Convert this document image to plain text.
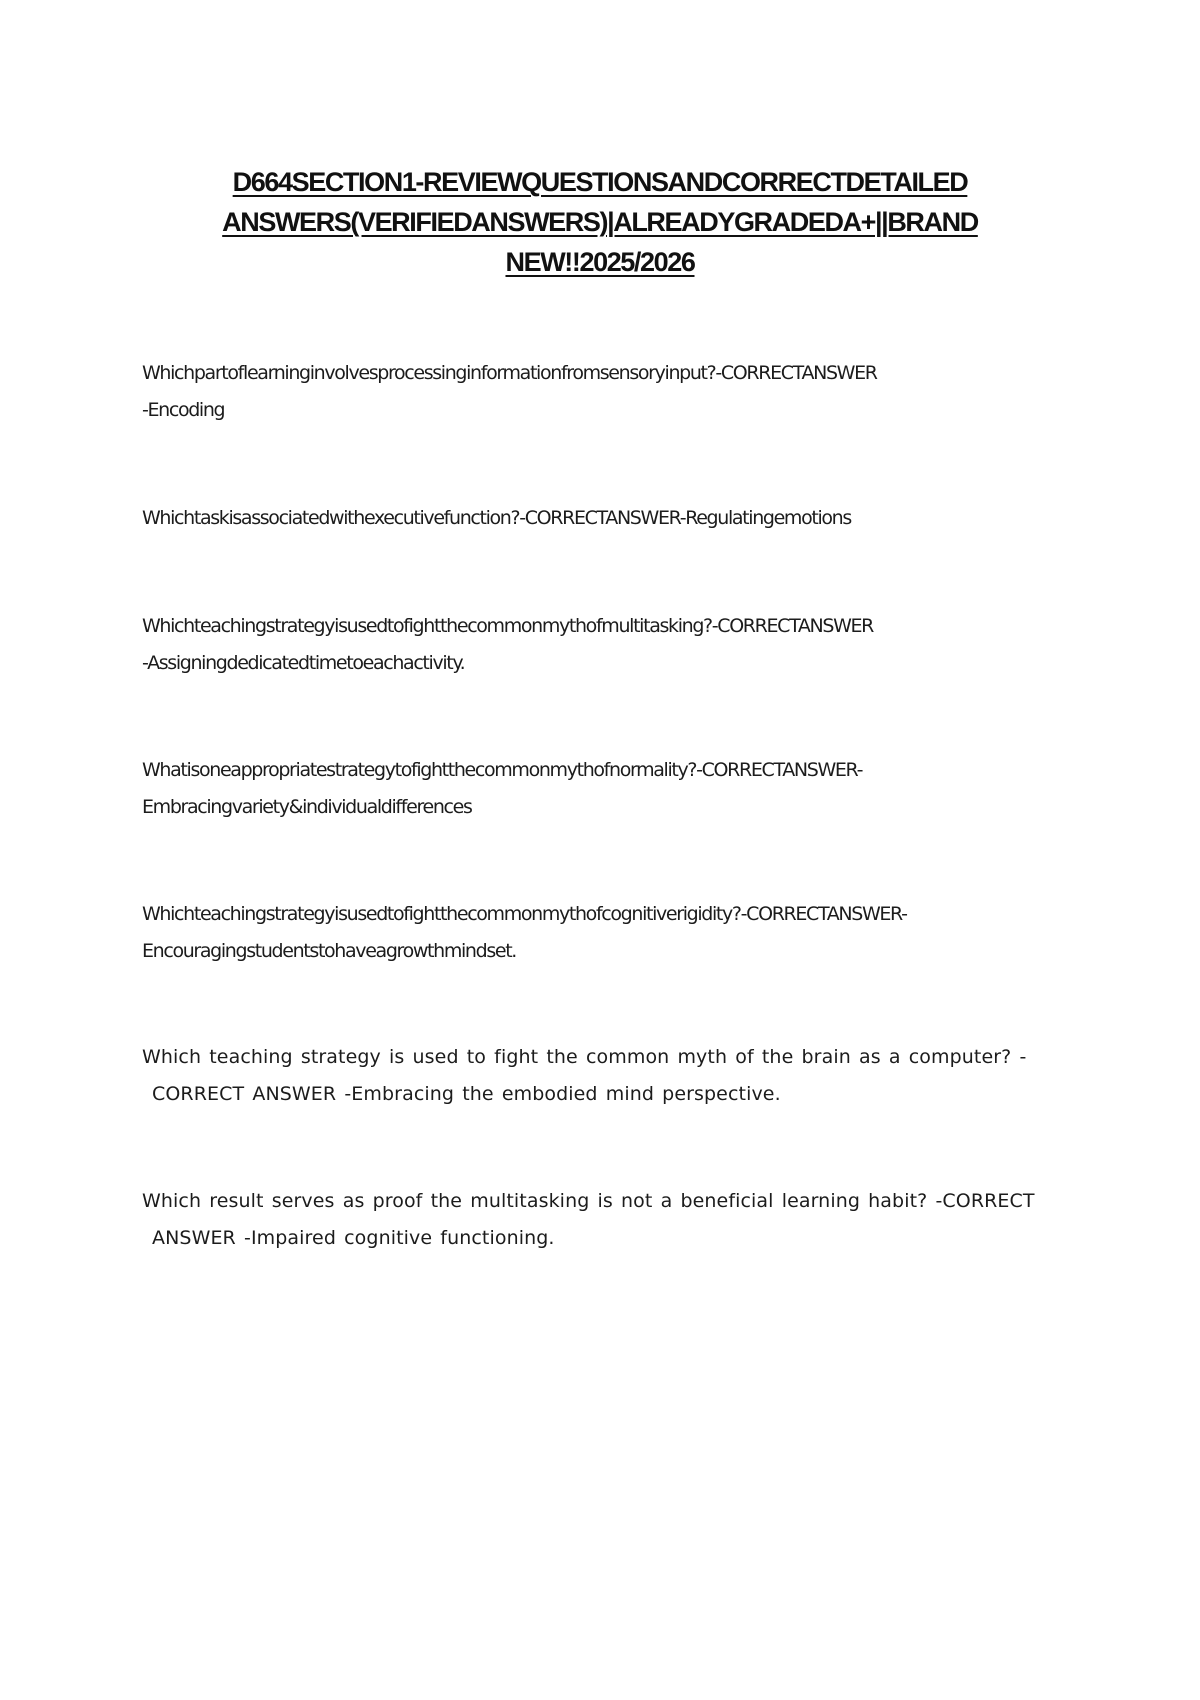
D664SECTION1-REVIEWQUESTIONSANDCORRECTDETAILED
ANSWERS(VERIFIEDANSWERS)|ALREADYGRADEDA+||BRAND
NEW!!2025/2026
Whichpartoflearninginvolvesprocessinginformationfromsensoryinput?-CORRECTANSWER
-Encoding
Whichtaskisassociatedwithexecutivefunction?-CORRECTANSWER-Regulatingemotions
Whichteachingstrategyisusedtofightthecommonmythofmultitasking?-CORRECTANSWER
-Assigningdedicatedtimetoeachactivity.
Whatisoneappropriatestrategytofightthecommonmythofnormality?-CORRECTANSWER-
Embracingvariety&individualdifferences
Whichteachingstrategyisusedtofightthecommonmythofcognitiverigidity?-CORRECTANSWER-
Encouragingstudentstohaveagrowthmindset.
Which teaching strategy is used to fight the common myth of the brain as a computer? -
CORRECT ANSWER -Embracing the embodied mind perspective.
Which result serves as proof the multitasking is not a beneficial learning habit? -CORRECT
ANSWER -Impaired cognitive functioning.
